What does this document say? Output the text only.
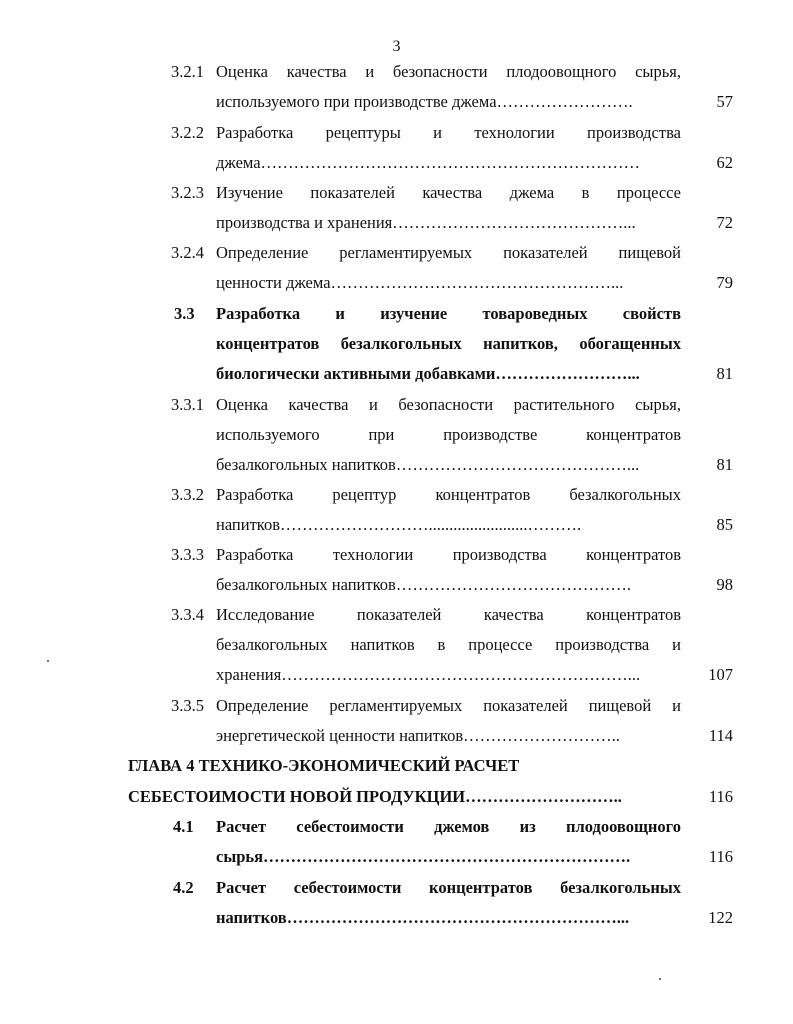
3
3.2.1 Оценка качества и безопасности плодоовощного сырья,
используемого при производстве джема…………………….	57
3.2.2 Разработка рецептуры и технологии производства
джема……………………………………………………………	62
3.2.3 Изучение показателей качества джема в процессе
производства и хранения……………………………………...	72
3.2.4 Определение регламентируемых показателей пищевой
ценности джема……………………………………………...	79
3.3 Разработка и изучение товароведных свойств
концентратов безалкогольных напитков, обогащенных
биологически активными добавками……………………...	81
3.3.1 Оценка качества и безопасности растительного сырья,
используемого при производстве концентратов
безалкогольных напитков……………………………………...	81
3.3.2 Разработка рецептур концентратов безалкогольных
напитков………………………........................……….	85
3.3.3 Разработка технологии производства концентратов
безалкогольных напитков…………………………………….	98
3.3.4 Исследование показателей качества концентратов
безалкогольных напитков в процессе производства и
хранения………………………………………………………...	107
3.3.5 Определение регламентируемых показателей пищевой и
энергетической ценности напитков………………………..	114
ГЛАВА 4 ТЕХНИКО-ЭКОНОМИЧЕСКИЙ РАСЧЕТ
СЕБЕСТОИМОСТИ НОВОЙ ПРОДУКЦИИ………………………..	116
4.1 Расчет себестоимости джемов из плодоовощного
сырья………………………………………………………….	116
4.2 Расчет себестоимости концентратов безалкогольных
напитков……………………………………………………...	122
